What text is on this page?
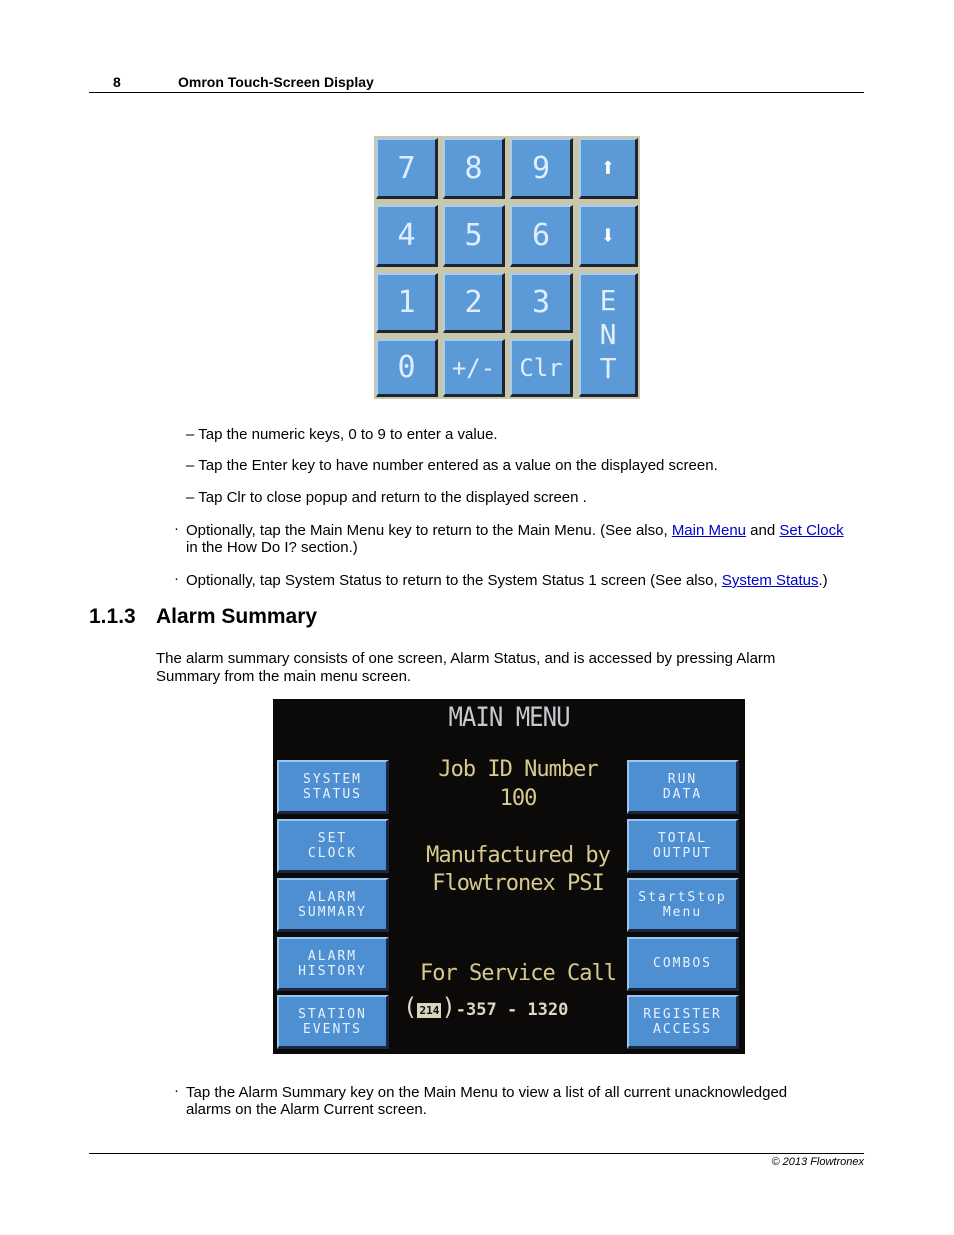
8	Omron Touch-Screen Display
7	8	9	⬆
4	5	6	⬇
1	2	3
0	+/-	Clr
E
N
T
– Tap the numeric keys, 0 to 9 to enter a value.
– Tap the Enter key to have number entered as a value on the displayed screen.
– Tap Clr to close popup and return to the displayed screen .
· Optionally, tap the Main Menu key to return to the Main Menu. (See also, Main Menu and Set Clock in the How Do I? section.)
· Optionally, tap System Status to return to the System Status 1 screen (See also, System Status.)
1.1.3 Alarm Summary
The alarm summary consists of one screen, Alarm Status, and is accessed by pressing Alarm Summary from the main menu screen.
MAIN MENU
Job ID Number
100
Manufactured by
Flowtronex PSI
For Service Call
( 214)-357 - 1320
SYSTEM
STATUS
SET
CLOCK
ALARM
SUMMARY
ALARM
HISTORY
STATION
EVENTS
RUN
DATA
TOTAL
OUTPUT
StartStop
Menu
COMBOS
REGISTER
ACCESS
· Tap the Alarm Summary key on the Main Menu to view a list of all current unacknowledged alarms on the Alarm Current screen.
© 2013 Flowtronex
